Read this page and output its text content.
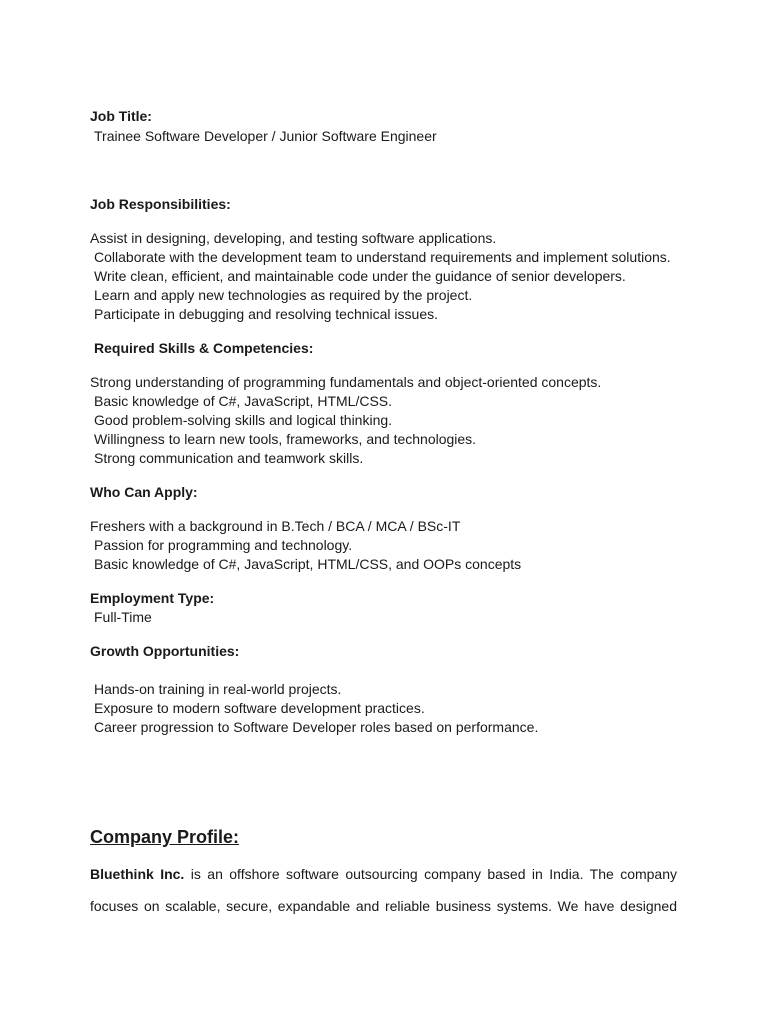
Job Title:
Trainee Software Developer / Junior Software Engineer
Job Responsibilities:
Assist in designing, developing, and testing software applications.
Collaborate with the development team to understand requirements and implement solutions.
Write clean, efficient, and maintainable code under the guidance of senior developers.
Learn and apply new technologies as required by the project.
Participate in debugging and resolving technical issues.
Required Skills & Competencies:
Strong understanding of programming fundamentals and object-oriented concepts.
Basic knowledge of C#, JavaScript, HTML/CSS.
Good problem-solving skills and logical thinking.
Willingness to learn new tools, frameworks, and technologies.
Strong communication and teamwork skills.
Who Can Apply:
Freshers with a background in B.Tech / BCA / MCA / BSc-IT
Passion for programming and technology.
Basic knowledge of C#, JavaScript, HTML/CSS, and OOPs concepts
Employment Type:
Full-Time
Growth Opportunities:
Hands-on training in real-world projects.
Exposure to modern software development practices.
Career progression to Software Developer roles based on performance.
Company Profile:
Bluethink Inc. is an offshore software outsourcing company based in India. The company
focuses on scalable, secure, expandable and reliable business systems. We have designed
